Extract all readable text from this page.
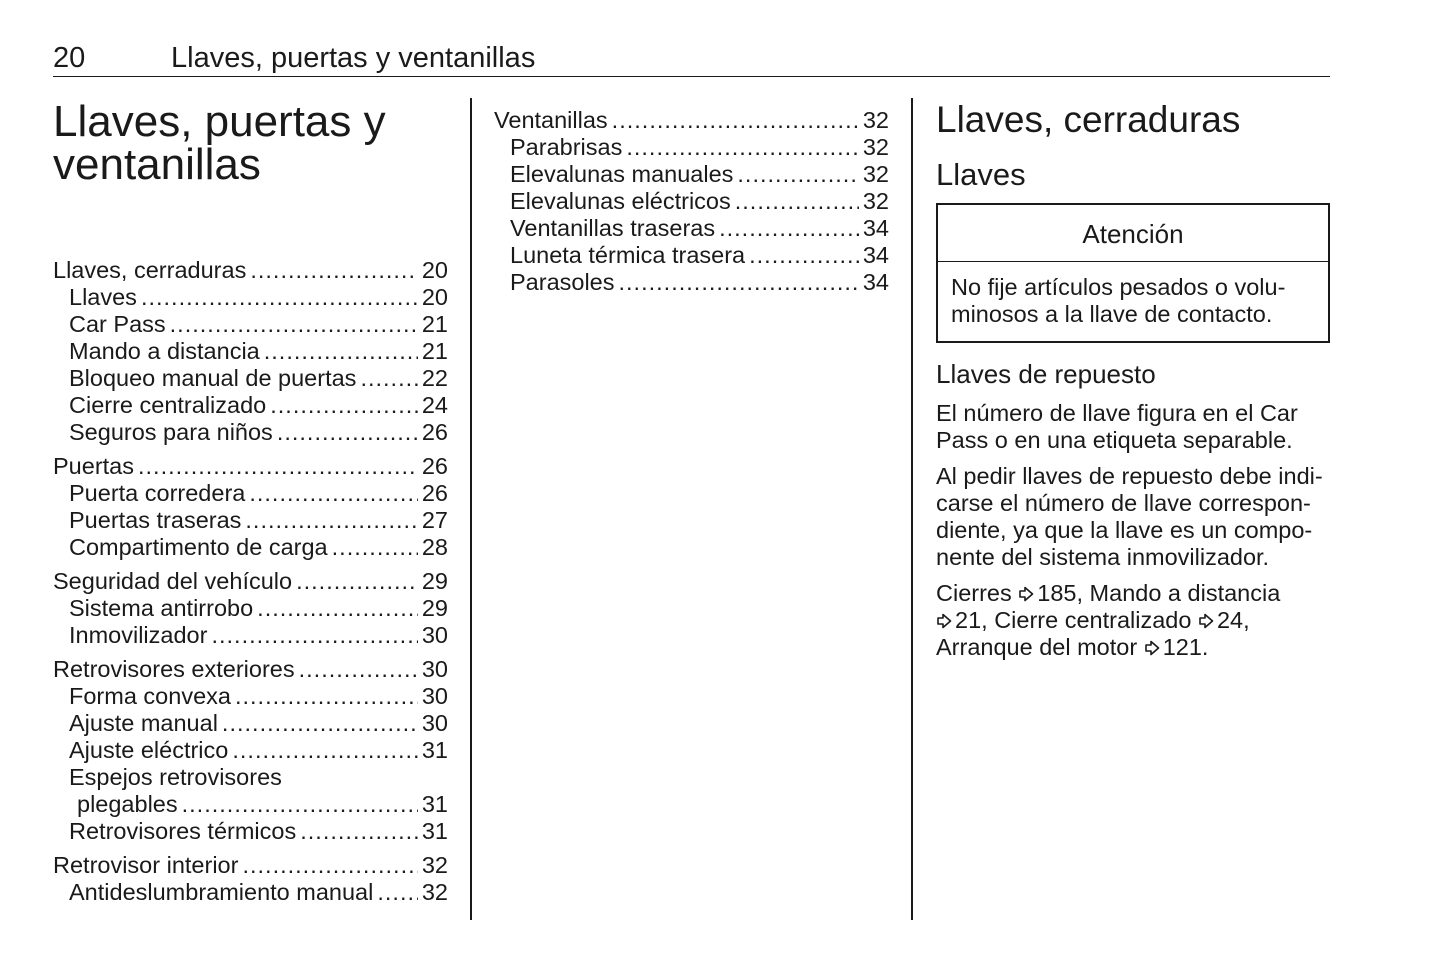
20	Llaves, puertas y ventanillas
Llaves, puertas y
ventanillas
Llaves, cerraduras .....	20
Llaves .....	20
Car Pass .....	21
Mando a distancia .....	21
Bloqueo manual de puertas .....	22
Cierre centralizado .....	24
Seguros para niños .....	26
Puertas .....	26
Puerta corredera .....	26
Puertas traseras .....	27
Compartimento de carga .....	28
Seguridad del vehículo .....	29
Sistema antirrobo .....	29
Inmovilizador .....	30
Retrovisores exteriores .....	30
Forma convexa .....	30
Ajuste manual .....	30
Ajuste eléctrico .....	31
Espejos retrovisores
plegables .....	31
Retrovisores térmicos .....	31
Retrovisor interior .....	32
Antideslumbramiento manual ..... 32
Ventanillas .....	32
Parabrisas .....	32
Elevalunas manuales .....	32
Elevalunas eléctricos .....	32
Ventanillas traseras .....	34
Luneta térmica trasera .....	34
Parasoles .....	34
Llaves, cerraduras
Llaves
Atención
No fije artículos pesados o volu-
minosos a la llave de contacto.
Llaves de repuesto
El número de llave figura en el Car
Pass o en una etiqueta separable.
Al pedir llaves de repuesto debe indi-
carse el número de llave correspon-
diente, ya que la llave es un compo-
nente del sistema inmovilizador.
Cierres 185, Mando a distancia
21, Cierre centralizado 24,
Arranque del motor 121.
